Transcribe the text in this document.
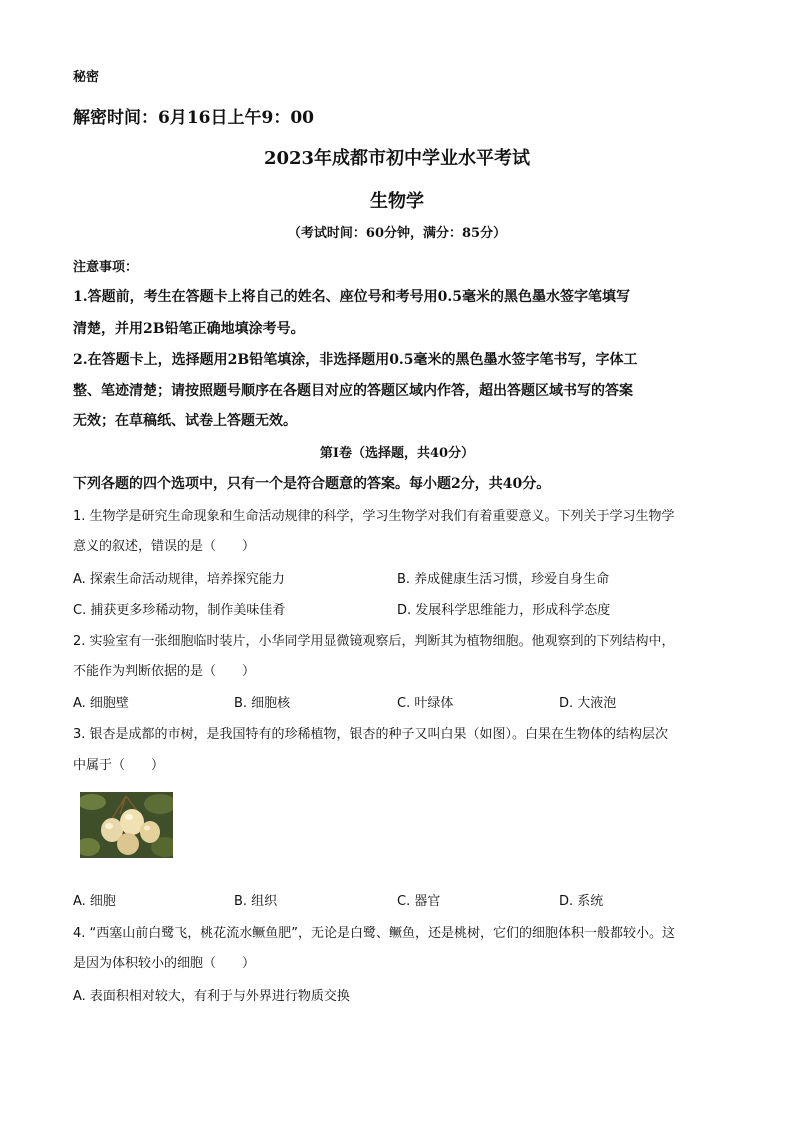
秘密
解密时间：6月16日上午9：00
2023年成都市初中学业水平考试
生物学
（考试时间：60分钟，满分：85分）
注意事项：
1.答题前，考生在答题卡上将自己的姓名、座位号和考号用0.5毫米的黑色墨水签字笔填写
清楚，并用2B铅笔正确地填涂考号。
2.在答题卡上，选择题用2B铅笔填涂，非选择题用0.5毫米的黑色墨水签字笔书写，字体工
整、笔迹清楚；请按照题号顺序在各题目对应的答题区域内作答，超出答题区域书写的答案
无效；在草稿纸、试卷上答题无效。
第I卷（选择题，共40分）
下列各题的四个选项中，只有一个是符合题意的答案。每小题2分，共40分。
1. 生物学是研究生命现象和生命活动规律的科学，学习生物学对我们有着重要意义。下列关于学习生物学
意义的叙述，错误的是（　　）
A. 探索生命活动规律，培养探究能力	B. 养成健康生活习惯，珍爱自身生命
C. 捕获更多珍稀动物，制作美味佳肴	D. 发展科学思维能力，形成科学态度
2. 实验室有一张细胞临时装片，小华同学用显微镜观察后，判断其为植物细胞。他观察到的下列结构中，
不能作为判断依据的是（　　）
A. 细胞壁	B. 细胞核	C. 叶绿体	D. 大液泡
3. 银杏是成都的市树，是我国特有的珍稀植物，银杏的种子又叫白果（如图）。白果在生物体的结构层次
中属于（　　）
A. 细胞	B. 组织	C. 器官	D. 系统
4. “西塞山前白鹭飞，桃花流水鳜鱼肥”，无论是白鹭、鳜鱼，还是桃树，它们的细胞体积一般都较小。这
是因为体积较小的细胞（　　）
A. 表面积相对较大，有利于与外界进行物质交换
